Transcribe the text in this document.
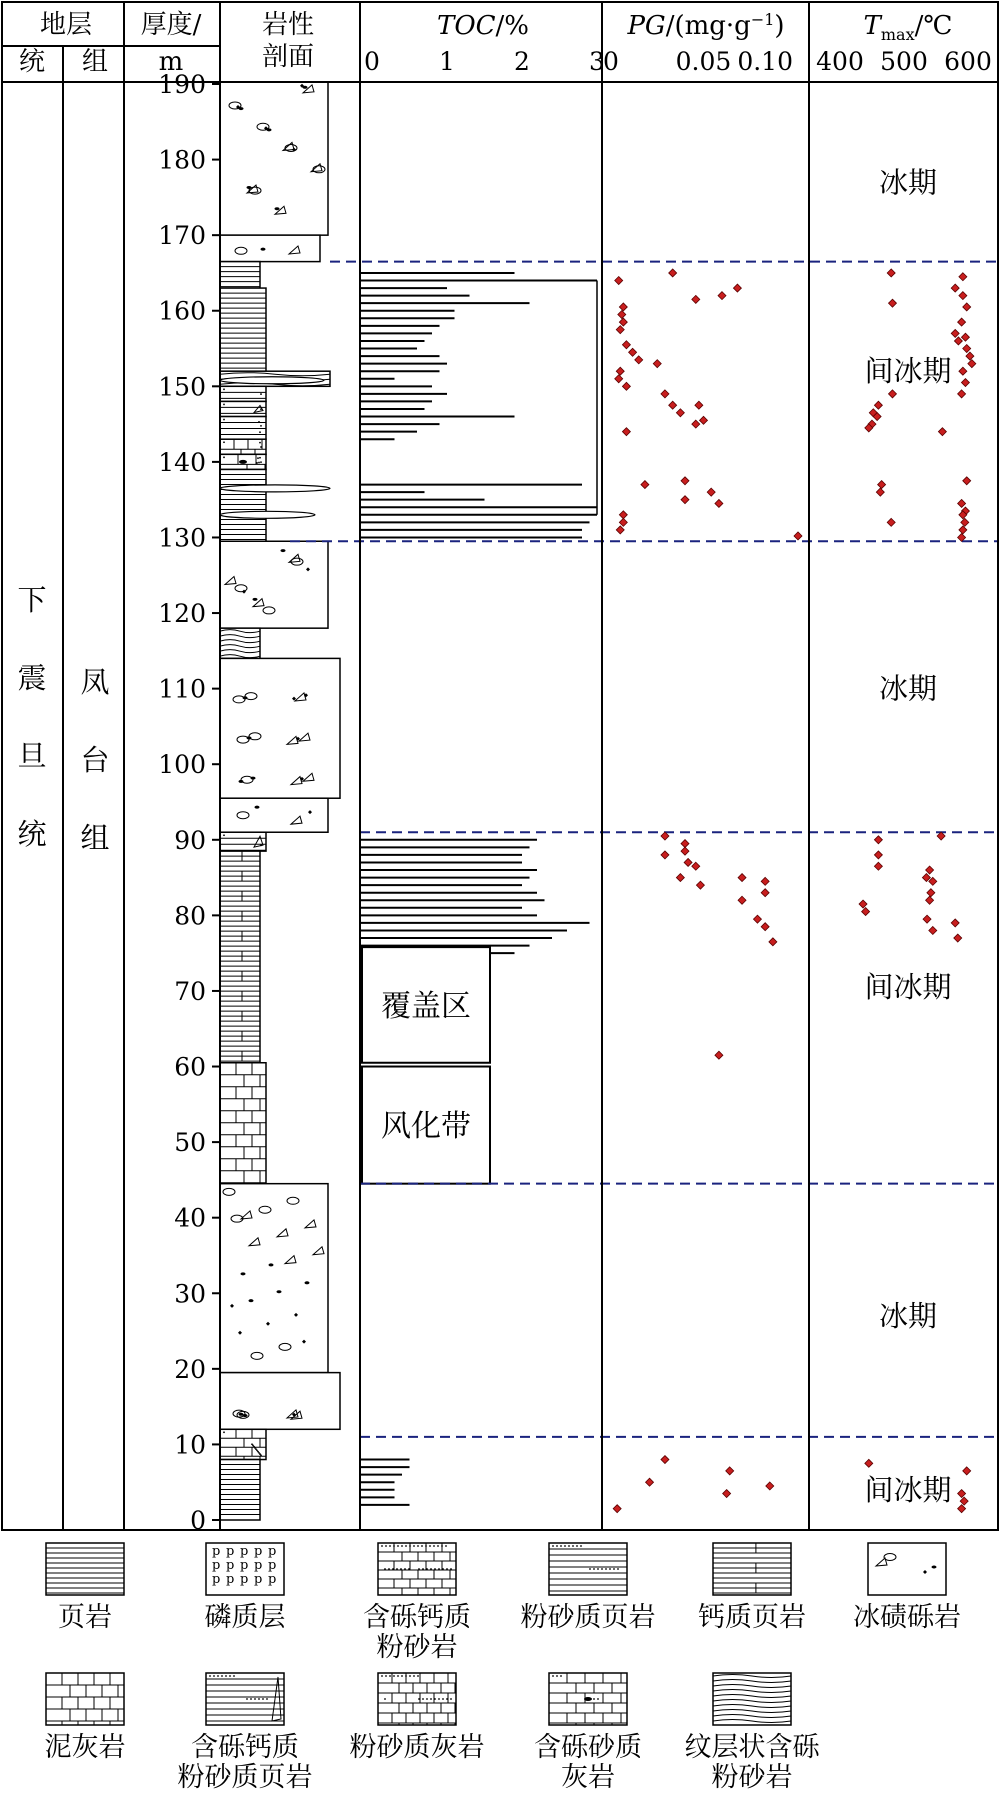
地层
统 组
厚度/
m
岩性
剖面
TOC/%	$PG/(mg\cdot g^{-1})$	$T_{max}/℃$
0
10
20
30
40
50
60
70
80
90
100
110
120
130
140
150
160
170
180
190
0 1 2 3
0 0.05 0.10 400 500 600
覆盖区
风化带
冰期
间冰期
冰期
间冰期
冰期
间冰期
下
震
旦
统
凤
台
组
页岩
p p p p p
p p p p p
p p p p p
磷质层	含砾钙质
粉砂岩
粉砂质页岩 钙质页岩 冰碛砾岩
泥灰岩 含砾钙质
粉砂质页岩
粉砂质灰岩 含砾砂质
灰岩
纹层状含砾
粉砂岩
